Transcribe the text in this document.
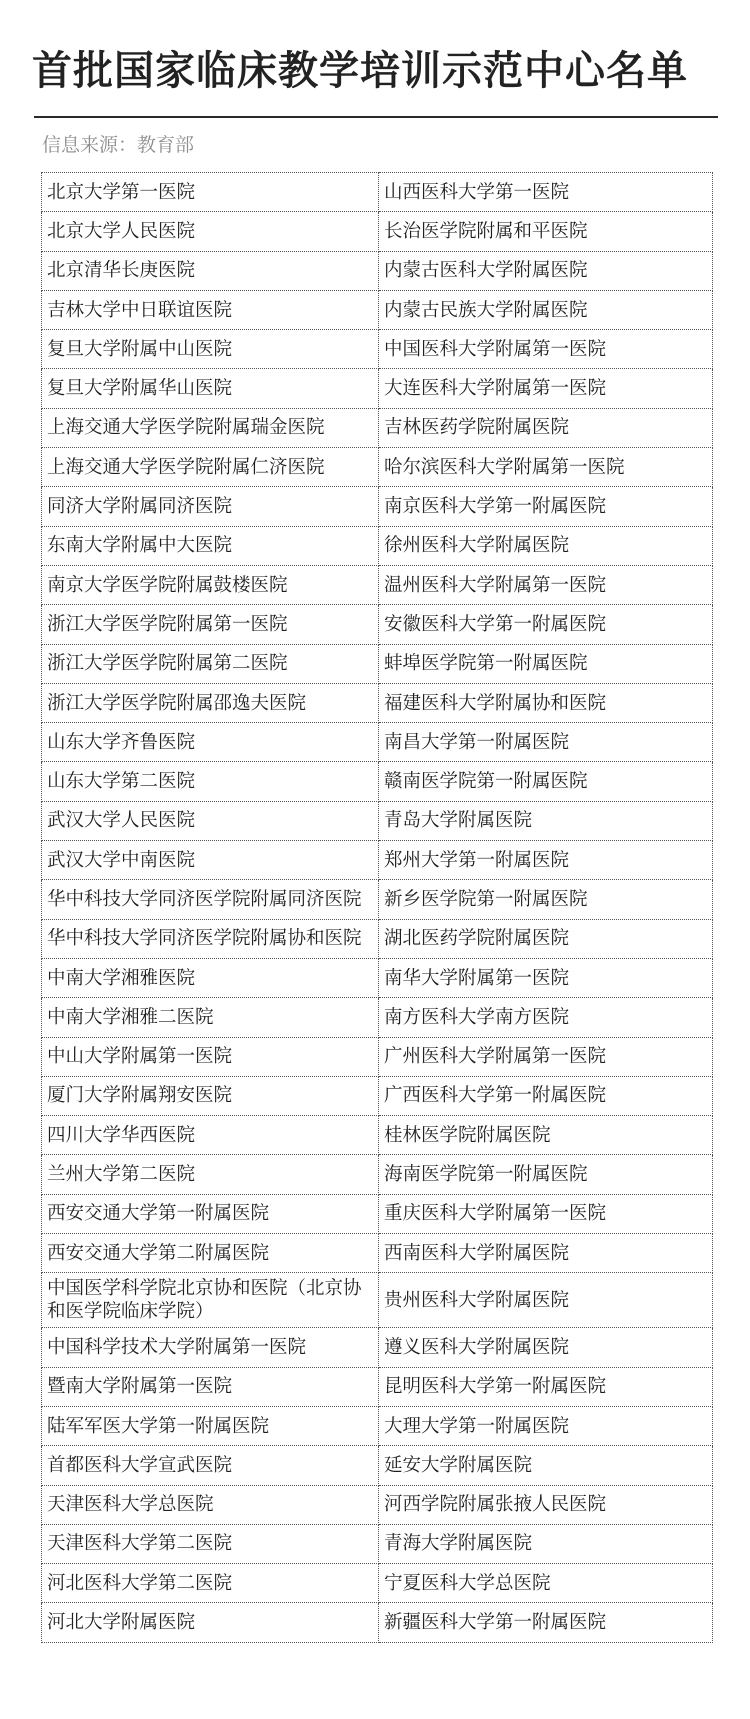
首批国家临床教学培训示范中心名单
信息来源：教育部
北京大学第一医院	山西医科大学第一医院
北京大学人民医院	长治医学院附属和平医院
北京清华长庚医院	内蒙古医科大学附属医院
吉林大学中日联谊医院	内蒙古民族大学附属医院
复旦大学附属中山医院	中国医科大学附属第一医院
复旦大学附属华山医院	大连医科大学附属第一医院
上海交通大学医学院附属瑞金医院	吉林医药学院附属医院
上海交通大学医学院附属仁济医院	哈尔滨医科大学附属第一医院
同济大学附属同济医院	南京医科大学第一附属医院
东南大学附属中大医院	徐州医科大学附属医院
南京大学医学院附属鼓楼医院	温州医科大学附属第一医院
浙江大学医学院附属第一医院	安徽医科大学第一附属医院
浙江大学医学院附属第二医院	蚌埠医学院第一附属医院
浙江大学医学院附属邵逸夫医院	福建医科大学附属协和医院
山东大学齐鲁医院	南昌大学第一附属医院
山东大学第二医院	赣南医学院第一附属医院
武汉大学人民医院	青岛大学附属医院
武汉大学中南医院	郑州大学第一附属医院
华中科技大学同济医学院附属同济医院	新乡医学院第一附属医院
华中科技大学同济医学院附属协和医院	湖北医药学院附属医院
中南大学湘雅医院	南华大学附属第一医院
中南大学湘雅二医院	南方医科大学南方医院
中山大学附属第一医院	广州医科大学附属第一医院
厦门大学附属翔安医院	广西医科大学第一附属医院
四川大学华西医院	桂林医学院附属医院
兰州大学第二医院	海南医学院第一附属医院
西安交通大学第一附属医院	重庆医科大学附属第一医院
西安交通大学第二附属医院	西南医科大学附属医院
中国医学科学院北京协和医院（北京协和医学院临床学院）	贵州医科大学附属医院
中国科学技术大学附属第一医院	遵义医科大学附属医院
暨南大学附属第一医院	昆明医科大学第一附属医院
陆军军医大学第一附属医院	大理大学第一附属医院
首都医科大学宣武医院	延安大学附属医院
天津医科大学总医院	河西学院附属张掖人民医院
天津医科大学第二医院	青海大学附属医院
河北医科大学第二医院	宁夏医科大学总医院
河北大学附属医院	新疆医科大学第一附属医院
